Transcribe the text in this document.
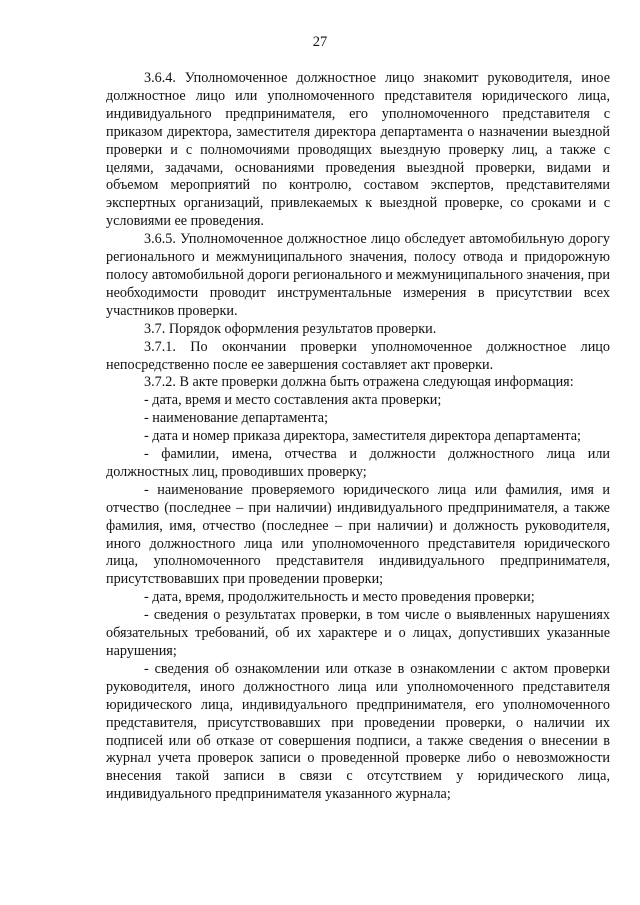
27

3.6.4. Уполномоченное должностное лицо знакомит руководителя, иное должностное лицо или уполномоченного представителя юридического лица, индивидуального предпринимателя, его уполномоченного представителя с приказом директора, заместителя директора департамента о назначении выездной проверки и с полномочиями проводящих выездную проверку лиц, а также с целями, задачами, основаниями проведения выездной проверки, видами и объемом мероприятий по контролю, составом экспертов, представителями экспертных организаций, привлекаемых к выездной проверке, со сроками и с условиями ее проведения.

3.6.5. Уполномоченное должностное лицо обследует автомобильную дорогу регионального и межмуниципального значения, полосу отвода и придорожную полосу автомобильной дороги регионального и межмуниципального значения, при необходимости проводит инструментальные измерения в присутствии всех участников проверки.

3.7. Порядок оформления результатов проверки.

3.7.1. По окончании проверки уполномоченное должностное лицо непосредственно после ее завершения составляет акт проверки.

3.7.2. В акте проверки должна быть отражена следующая информация:

- дата, время и место составления акта проверки;

- наименование департамента;

- дата и номер приказа директора, заместителя директора департамента;

- фамилии, имена, отчества и должности должностного лица или должностных лиц, проводивших проверку;

- наименование проверяемого юридического лица или фамилия, имя и отчество (последнее – при наличии) индивидуального предпринимателя, а также фамилия, имя, отчество (последнее – при наличии) и должность руководителя, иного должностного лица или уполномоченного представителя юридического лица, уполномоченного представителя индивидуального предпринимателя, присутствовавших при проведении проверки;

- дата, время, продолжительность и место проведения проверки;

- сведения о результатах проверки, в том числе о выявленных нарушениях обязательных требований, об их характере и о лицах, допустивших указанные нарушения;

- сведения об ознакомлении или отказе в ознакомлении с актом проверки руководителя, иного должностного лица или уполномоченного представителя юридического лица, индивидуального предпринимателя, его уполномоченного представителя, присутствовавших при проведении проверки, о наличии их подписей или об отказе от совершения подписи, а также сведения о внесении в журнал учета проверок записи о проведенной проверке либо о невозможности внесения такой записи в связи с отсутствием у юридического лица, индивидуального предпринимателя указанного журнала;
